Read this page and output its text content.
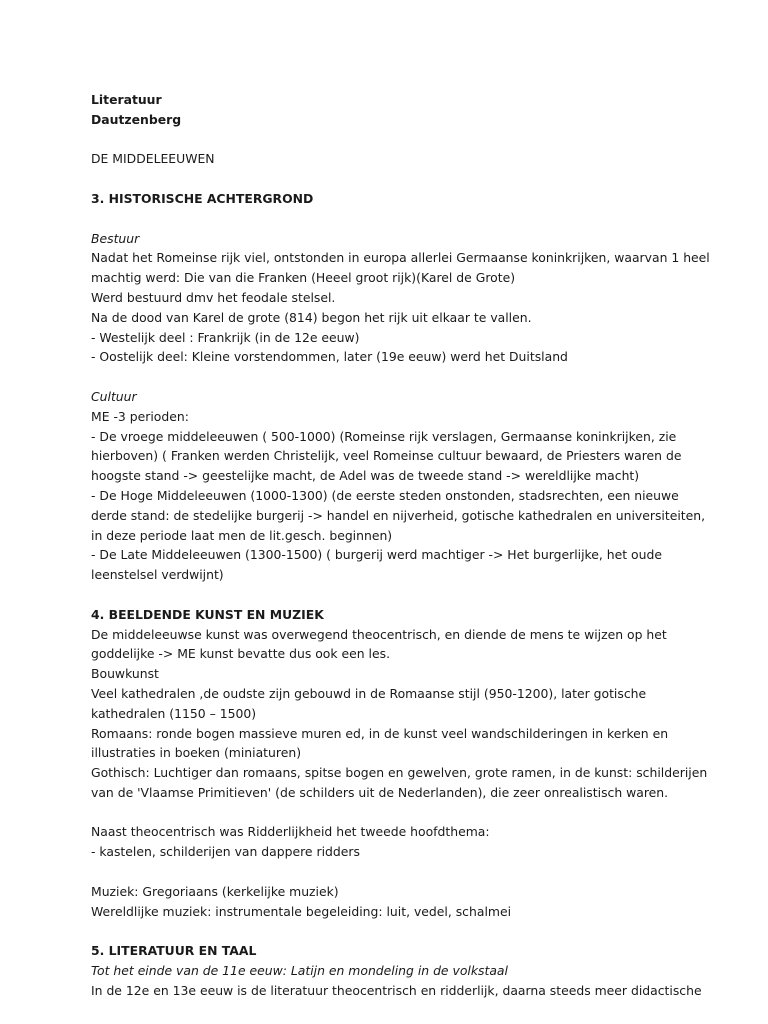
Literatuur
Dautzenberg
DE MIDDELEEUWEN
3. HISTORISCHE ACHTERGROND
Bestuur
Nadat het Romeinse rijk viel, ontstonden in europa allerlei Germaanse koninkrijken, waarvan 1 heel
machtig werd: Die van die Franken (Heeel groot rijk)(Karel de Grote)
Werd bestuurd dmv het feodale stelsel.
Na de dood van Karel de grote (814) begon het rijk uit elkaar te vallen.
- Westelijk deel : Frankrijk (in de 12e eeuw)
- Oostelijk deel: Kleine vorstendommen, later (19e eeuw) werd het Duitsland
Cultuur
ME -3 perioden:
- De vroege middeleeuwen ( 500-1000) (Romeinse rijk verslagen, Germaanse koninkrijken, zie
hierboven) ( Franken werden Christelijk, veel Romeinse cultuur bewaard, de Priesters waren de
hoogste stand -> geestelijke macht, de Adel was de tweede stand -> wereldlijke macht)
- De Hoge Middeleeuwen (1000-1300) (de eerste steden onstonden, stadsrechten, een nieuwe
derde stand: de stedelijke burgerij -> handel en nijverheid, gotische kathedralen en universiteiten,
in deze periode laat men de lit.gesch. beginnen)
- De Late Middeleeuwen (1300-1500) ( burgerij werd machtiger -> Het burgerlijke, het oude
leenstelsel verdwijnt)
4. BEELDENDE KUNST EN MUZIEK
De middeleeuwse kunst was overwegend theocentrisch, en diende de mens te wijzen op het
goddelijke -> ME kunst bevatte dus ook een les.
Bouwkunst
Veel kathedralen ,de oudste zijn gebouwd in de Romaanse stijl (950-1200), later gotische
kathedralen (1150 – 1500)
Romaans: ronde bogen massieve muren ed, in de kunst veel wandschilderingen in kerken en
illustraties in boeken (miniaturen)
Gothisch: Luchtiger dan romaans, spitse bogen en gewelven, grote ramen, in de kunst: schilderijen
van de 'Vlaamse Primitieven' (de schilders uit de Nederlanden), die zeer onrealistisch waren.
Naast theocentrisch was Ridderlijkheid het tweede hoofdthema:
- kastelen, schilderijen van dappere ridders
Muziek: Gregoriaans (kerkelijke muziek)
Wereldlijke muziek: instrumentale begeleiding: luit, vedel, schalmei
5. LITERATUUR EN TAAL
Tot het einde van de 11e eeuw: Latijn en mondeling in de volkstaal
In de 12e en 13e eeuw is de literatuur theocentrisch en ridderlijk, daarna steeds meer didactische
